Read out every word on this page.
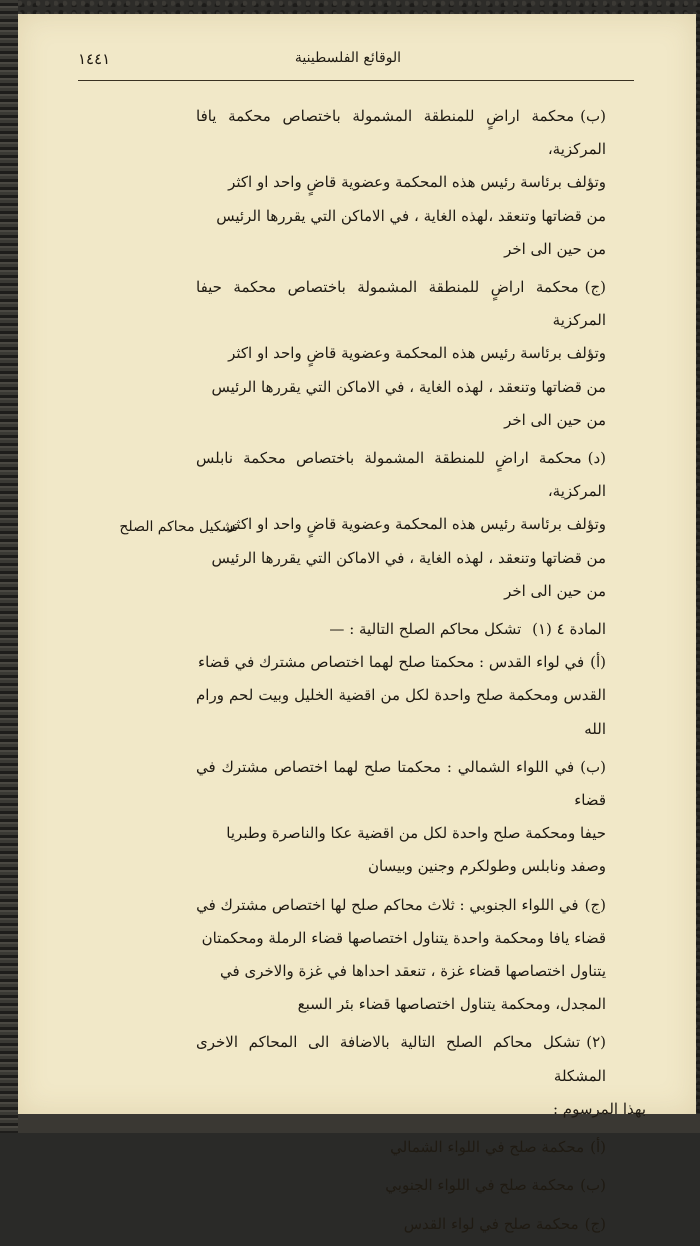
الوقائع الفلسطينية
١٤٤١
تشكيل محاكم الصلح

(ب)محكمة اراضٍ للمنطقة المشمولة باختصاص محكمة يافا المركزية،

وتؤلف برئاسة رئيس هذه المحكمة وعضوية قاضٍ واحد او اكثر

من قضاتها وتنعقد ،لهذه الغاية ، في الاماكن التي يقررها الرئيس

من حين الى اخر

(ج)محكمة اراضٍ للمنطقة المشمولة باختصاص محكمة حيفا المركزية

وتؤلف برئاسة رئيس هذه المحكمة وعضوية قاضٍ واحد او اكثر

من قضاتها وتنعقد ، لهذه الغاية ، في الاماكن التي يقررها الرئيس

من حين الى اخر

(د)محكمة اراضٍ للمنطقة المشمولة باختصاص محكمة نابلس المركزية،

وتؤلف برئاسة رئيس هذه المحكمة وعضوية قاضٍ واحد او اكثر

من قضاتها وتنعقد ، لهذه الغاية ، في الاماكن التي يقررها الرئيس

من حين الى اخر

المادة ٤ (١) تشكل محاكم الصلح التالية : —

(أ)في لواء القدس : محكمتا صلح لهما اختصاص مشترك في قضاء

القدس ومحكمة صلح واحدة لكل من اقضية الخليل وبيت لحم ورام الله

(ب)في اللواء الشمالي : محكمتا صلح لهما اختصاص مشترك في قضاء

حيفا ومحكمة صلح واحدة لكل من اقضية عكا والناصرة وطبريا

وصفد ونابلس وطولكرم وجنين وبيسان

(ج)في اللواء الجنوبي : ثلاث محاكم صلح لها اختصاص مشترك في

قضاء يافا ومحكمة واحدة يتناول اختصاصها قضاء الرملة ومحكمتان

يتناول اختصاصها قضاء غزة ، تنعقد احداها في غزة والاخرى في

المجدل، ومحكمة يتناول اختصاصها قضاء بئر السبع

(٢)تشكل محاكم الصلح التالية بالاضافة الى المحاكم الاخرى المشكلة

بهذا المرسوم :

(أ)محكمة صلح في اللواء الشمالي

(ب)محكمة صلح في اللواء الجنوبي

(ج)محكمة صلح في لواء القدس
